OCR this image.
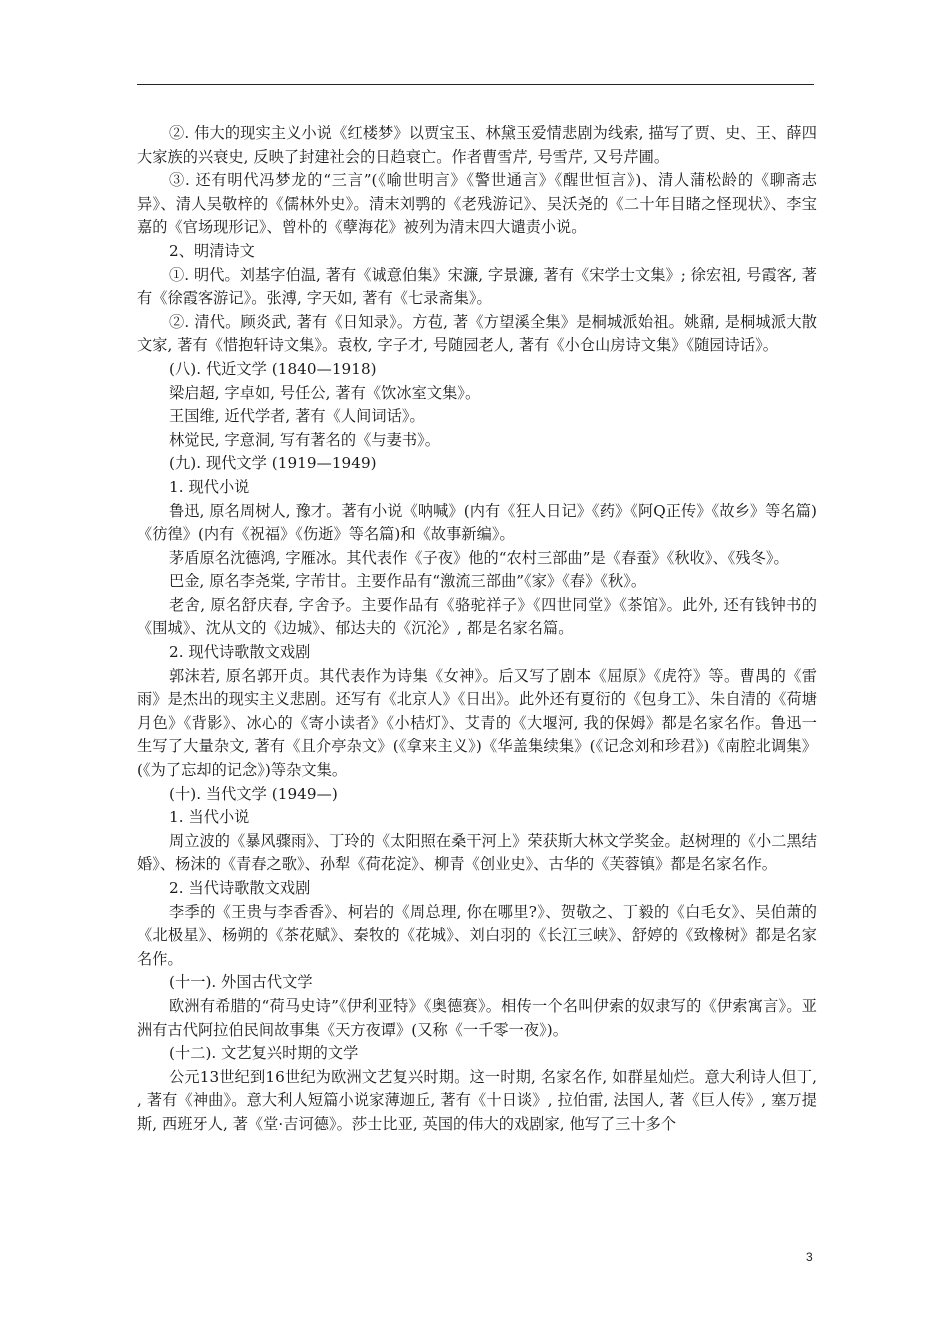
②. 伟大的现实主义小说《红楼梦》以贾宝玉、林黛玉爱情悲剧为线索, 描写了贾、史、王、薛四大家族的兴衰史, 反映了封建社会的日趋衰亡。作者曹雪芹, 号雪芹, 又号芹圃。

③. 还有明代冯梦龙的“三言”(《喻世明言》《警世通言》《醒世恒言》)、清人蒲松龄的《聊斋志异》、清人吴敬梓的《儒林外史》。清末刘鹗的《老残游记》、吴沃尧的《二十年目睹之怪现状》、李宝嘉的《官场现形记》、曾朴的《孽海花》被列为清末四大谴责小说。

2、明清诗文

①. 明代。刘基字伯温, 著有《诚意伯集》宋濂, 字景濂, 著有《宋学士文集》; 徐宏祖, 号霞客, 著有《徐霞客游记》。张溥, 字天如, 著有《七录斋集》。

②. 清代。顾炎武, 著有《日知录》。方苞, 著《方望溪全集》是桐城派始祖。姚鼐, 是桐城派大散文家, 著有《惜抱轩诗文集》。袁枚, 字子才, 号随园老人, 著有《小仓山房诗文集》《随园诗话》。

(八). 代近文学 (1840—1918)

梁启超, 字卓如, 号任公, 著有《饮冰室文集》。

王国维, 近代学者, 著有《人间词话》。

林觉民, 字意洞, 写有著名的《与妻书》。

(九). 现代文学 (1919—1949)

1. 现代小说

鲁迅, 原名周树人, 豫才。著有小说《呐喊》(内有《狂人日记》《药》《阿Q正传》《故乡》等名篇)《彷徨》(内有《祝福》《伤逝》等名篇)和《故事新编》。

茅盾原名沈德鸿, 字雁冰。其代表作《子夜》他的“农村三部曲”是《春蚕》《秋收》、《残冬》。

巴金, 原名李尧棠, 字芾甘。主要作品有“激流三部曲”《家》《春》《秋》。

老舍, 原名舒庆春, 字舍予。主要作品有《骆驼祥子》《四世同堂》《茶馆》。此外, 还有钱钟书的《围城》、沈从文的《边城》、郁达夫的《沉沦》, 都是名家名篇。

2. 现代诗歌散文戏剧

郭沫若, 原名郭开贞。其代表作为诗集《女神》。后又写了剧本《屈原》《虎符》等。曹禺的《雷雨》是杰出的现实主义悲剧。还写有《北京人》《日出》。此外还有夏衍的《包身工》、朱自清的《荷塘月色》《背影》、冰心的《寄小读者》《小桔灯》、艾青的《大堰河, 我的保姆》都是名家名作。鲁迅一生写了大量杂文, 著有《且介亭杂文》(《拿来主义》)《华盖集续集》(《记念刘和珍君》)《南腔北调集》(《为了忘却的记念》)等杂文集。

(十). 当代文学 (1949—)

1. 当代小说

周立波的《暴风骤雨》、丁玲的《太阳照在桑干河上》荣获斯大林文学奖金。赵树理的《小二黑结婚》、杨沫的《青春之歌》、孙犁《荷花淀》、柳青《创业史》、古华的《芙蓉镇》都是名家名作。

2. 当代诗歌散文戏剧

李季的《王贵与李香香》、柯岩的《周总理, 你在哪里?》、贺敬之、丁毅的《白毛女》、吴伯萧的《北极星》、杨朔的《茶花赋》、秦牧的《花城》、刘白羽的《长江三峡》、舒婷的《致橡树》都是名家名作。

(十一). 外国古代文学

欧洲有希腊的“荷马史诗”《伊利亚特》《奥德赛》。相传一个名叫伊索的奴隶写的《伊索寓言》。亚洲有古代阿拉伯民间故事集《天方夜谭》(又称《一千零一夜》)。

(十二). 文艺复兴时期的文学

公元13世纪到16世纪为欧洲文艺复兴时期。这一时期, 名家名作, 如群星灿烂。意大利诗人但丁, , 著有《神曲》。意大利人短篇小说家薄迦丘, 著有《十日谈》, 拉伯雷, 法国人, 著《巨人传》, 塞万提斯, 西班牙人, 著《堂·吉诃德》。莎士比亚, 英国的伟大的戏剧家, 他写了三十多个

3
